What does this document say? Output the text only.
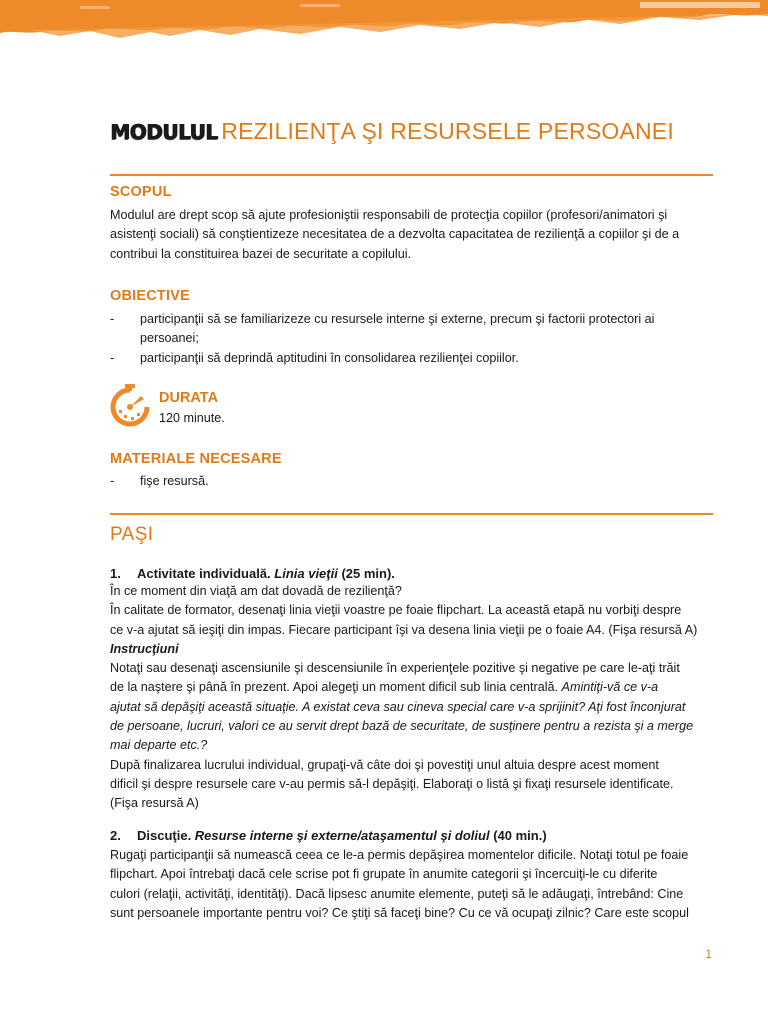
MODULUL REZILIENŢA ŞI RESURSELE PERSOANEI
SCOPUL
Modulul are drept scop să ajute profesioniştii responsabili de protecţia copiilor (profesori/animatori şi
asistenţi sociali) să conştientizeze necesitatea de a dezvolta capacitatea de rezilienţă a copiilor şi de a
contribui la constituirea bazei de securitate a copilului.
OBIECTIVE
- participanţii să se familiarizeze cu resursele interne şi externe, precum şi factorii protectori ai
persoanei;
- participanţii să deprindă aptitudini în consolidarea rezilienţei copiilor.
DURATA
120 minute.
MATERIALE NECESARE
- fişe resursă.
PAŞI
1. Activitate individuală. Linia vieţii (25 min).
În ce moment din viaţă am dat dovadă de rezilienţă?
În calitate de formator, desenaţi linia vieţii voastre pe foaie flipchart. La această etapă nu vorbiţi despre
ce v-a ajutat să ieşiţi din impas. Fiecare participant îşi va desena linia vieţii pe o foaie A4. (Fişa resursă A)
Instrucţiuni
Notaţi sau desenaţi ascensiunile şi descensiunile în experienţele pozitive şi negative pe care le-aţi trăit
de la naştere şi până în prezent. Apoi alegeţi un moment dificil sub linia centrală. Amintiţi-vă ce v-a
ajutat să depăşiţi această situaţie. A existat ceva sau cineva special care v-a sprijinit? Aţi fost înconjurat
de persoane, lucruri, valori ce au servit drept bază de securitate, de susţinere pentru a rezista şi a merge
mai departe etc.?
După finalizarea lucrului individual, grupaţi-vă câte doi şi povestiţi unul altuia despre acest moment
dificil şi despre resursele care v-au permis să-l depăşiţi. Elaboraţi o listă şi fixaţi resursele identificate.
(Fişa resursă A)
2. Discuţie. Resurse interne şi externe/ataşamentul şi doliul (40 min.)
Rugaţi participanţii să numească ceea ce le-a permis depăşirea momentelor dificile. Notaţi totul pe foaie
flipchart. Apoi întrebaţi dacă cele scrise pot fi grupate în anumite categorii şi încercuiţi-le cu diferite
culori (relaţii, activităţi, identităţi). Dacă lipsesc anumite elemente, puteţi să le adăugaţi, întrebând: Cine
sunt persoanele importante pentru voi? Ce ştiţi să faceţi bine? Cu ce vă ocupaţi zilnic? Care este scopul
1
